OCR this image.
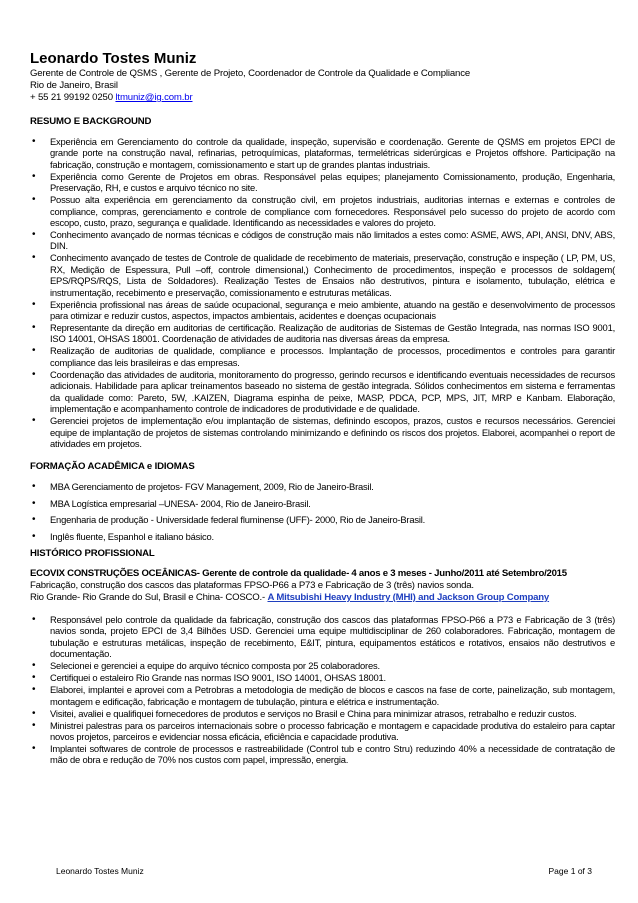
Leonardo Tostes Muniz
Gerente de Controle de QSMS , Gerente de Projeto, Coordenador de Controle da Qualidade e Compliance
Rio de Janeiro, Brasil
+ 55 21 99192 0250 ltmuniz@ig.com.br
RESUMO E BACKGROUND
• Experiência em Gerenciamento do controle da qualidade, inspeção, supervisão e coordenação. Gerente de QSMS em projetos EPCI de grande porte na construção naval, refinarias, petroquímicas, plataformas, termelétricas siderúrgicas e Projetos offshore. Participação na fabricação, construção e montagem, comissionamento e start up de grandes plantas industriais.
• Experiência como Gerente de Projetos em obras. Responsável pelas equipes; planejamento Comissionamento, produção, Engenharia, Preservação, RH, e custos e arquivo técnico no site.
• Possuo alta experiência em gerenciamento da construção civil, em projetos industriais, auditorias internas e externas e controles de compliance, compras, gerenciamento e controle de compliance com fornecedores. Responsável pelo sucesso do projeto de acordo com escopo, custo, prazo, segurança e qualidade. Identificando as necessidades e valores do projeto.
• Conhecimento avançado de normas técnicas e códigos de construção mais não limitados a estes como: ASME, AWS, API, ANSI, DNV, ABS, DIN.
• Conhecimento avançado de testes de Controle de qualidade de recebimento de materiais, preservação, construção e inspeção ( LP, PM, US, RX, Medição de Espessura, Pull –off, controle dimensional,) Conhecimento de procedimentos, inspeção e processos de soldagem( EPS/RQPS/RQS, Lista de Soldadores). Realização Testes de Ensaios não destrutivos, pintura e isolamento, tubulação, elétrica e instrumentação, recebimento e preservação, comissionamento e estruturas metálicas.
• Experiência profissional nas áreas de saúde ocupacional, segurança e meio ambiente, atuando na gestão e desenvolvimento de processos para otimizar e reduzir custos, aspectos, impactos ambientais, acidentes e doenças ocupacionais
• Representante da direção em auditorias de certificação. Realização de auditorias de Sistemas de Gestão Integrada, nas normas ISO 9001, ISO 14001, OHSAS 18001. Coordenação de atividades de auditoria nas diversas áreas da empresa.
• Realização de auditorias de qualidade, compliance e processos. Implantação de processos, procedimentos e controles para garantir compliance das leis brasileiras e das empresas.
• Coordenação das atividades de auditoria, monitoramento do progresso, gerindo recursos e identificando eventuais necessidades de recursos adicionais. Habilidade para aplicar treinamentos baseado no sistema de gestão integrada. Sólidos conhecimentos em sistema e ferramentas da qualidade como: Pareto, 5W, .KAIZEN, Diagrama espinha de peixe, MASP, PDCA, PCP, MPS, JIT, MRP e Kanbam. Elaboração, implementação e acompanhamento controle de indicadores de produtividade e de qualidade.
• Gerenciei projetos de implementação e/ou implantação de sistemas, definindo escopos, prazos, custos e recursos necessários. Gerenciei equipe de implantação de projetos de sistemas controlando minimizando e definindo os riscos dos projetos. Elaborei, acompanhei o report de atividades em projetos.
FORMAÇÃO ACADÊMICA e IDIOMAS
• MBA Gerenciamento de projetos- FGV Management, 2009, Rio de Janeiro-Brasil.
• MBA Logística empresarial –UNESA- 2004, Rio de Janeiro-Brasil.
• Engenharia de produção - Universidade federal fluminense (UFF)- 2000, Rio de Janeiro-Brasil.
• Inglês fluente, Espanhol e italiano básico.
HISTÓRICO PROFISSIONAL
ECOVIX CONSTRUÇÕES OCEÂNICAS- Gerente de controle da qualidade- 4 anos e 3 meses - Junho/2011 até Setembro/2015
Fabricação, construção dos cascos das plataformas FPSO-P66 a P73 e Fabricação de 3 (três) navios sonda.
Rio Grande- Rio Grande do Sul, Brasil e China- COSCO.- A Mitsubishi Heavy Industry (MHI) and Jackson Group Company
• Responsável pelo controle da qualidade da fabricação, construção dos cascos das plataformas FPSO-P66 a P73 e Fabricação de 3 (três) navios sonda, projeto EPCI de 3,4 Bilhões USD. Gerenciei uma equipe multidisciplinar de 260 colaboradores. Fabricação, montagem de tubulação e estruturas metálicas, inspeção de recebimento, E&IT, pintura, equipamentos estáticos e rotativos, ensaios não destrutivos e documentação.
• Selecionei e gerenciei a equipe do arquivo técnico composta por 25 colaboradores.
• Certifiquei o estaleiro Rio Grande nas normas ISO 9001, ISO 14001, OHSAS 18001.
• Elaborei, implantei e aprovei com a Petrobras a metodologia de medição de blocos e cascos na fase de corte, painelização, sub montagem, montagem e edificação, fabricação e montagem de tubulação, pintura e elétrica e instrumentação.
• Visitei, avaliei e qualifiquei fornecedores de produtos e serviços no Brasil e China para minimizar atrasos, retrabalho e reduzir custos.
• Ministrei palestras para os parceiros internacionais sobre o processo fabricação e montagem e capacidade produtiva do estaleiro para captar novos projetos, parceiros e evidenciar nossa eficácia, eficiência e capacidade produtiva.
• Implantei softwares de controle de processos e rastreabilidade (Control tub e contro Stru) reduzindo 40% a necessidade de contratação de mão de obra e redução de 70% nos custos com papel, impressão, energia.
Leonardo Tostes Muniz	Page 1 of 3
